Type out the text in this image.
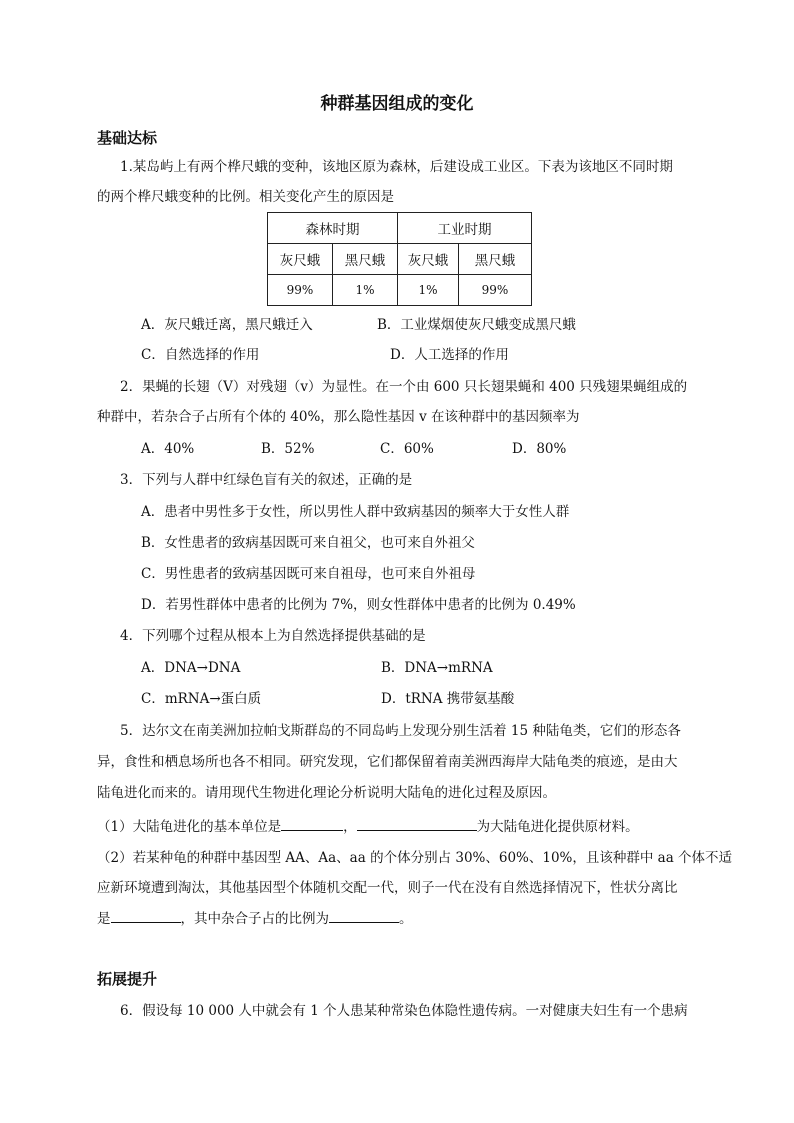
种群基因组成的变化
基础达标
1.某岛屿上有两个桦尺蛾的变种，该地区原为森林，后建设成工业区。下表为该地区不同时期
的两个桦尺蛾变种的比例。相关变化产生的原因是
森林时期		工业时期	
灰尺蛾	黑尺蛾	灰尺蛾	黑尺蛾
99%	1%	1%	99%
A．灰尺蛾迁离，黑尺蛾迁入	B．工业煤烟使灰尺蛾变成黑尺蛾
C．自然选择的作用	D．人工选择的作用
2．果蝇的长翅（V）对残翅（v）为显性。在一个由 600 只长翅果蝇和 400 只残翅果蝇组成的
种群中，若杂合子占所有个体的 40%，那么隐性基因 v 在该种群中的基因频率为
A．40%	B．52%	C．60%	D．80%
3．下列与人群中红绿色盲有关的叙述，正确的是
A．患者中男性多于女性，所以男性人群中致病基因的频率大于女性人群
B．女性患者的致病基因既可来自祖父，也可来自外祖父
C．男性患者的致病基因既可来自祖母，也可来自外祖母
D．若男性群体中患者的比例为 7%，则女性群体中患者的比例为 0.49%
4．下列哪个过程从根本上为自然选择提供基础的是
A．DNA→DNA	B．DNA→mRNA
C．mRNA→蛋白质	D．tRNA 携带氨基酸
5．达尔文在南美洲加拉帕戈斯群岛的不同岛屿上发现分别生活着 15 种陆龟类，它们的形态各
异，食性和栖息场所也各不相同。研究发现，它们都保留着南美洲西海岸大陆龟类的痕迹，是由大
陆龟进化而来的。请用现代生物进化理论分析说明大陆龟的进化过程及原因。
（1）大陆龟进化的基本单位是	，	为大陆龟进化提供原材料。
（2）若某种龟的种群中基因型 AA、Aa、aa 的个体分别占 30%、60%、10%，且该种群中 aa 个体不适
应新环境遭到淘汰，其他基因型个体随机交配一代，则子一代在没有自然选择情况下，性状分离比
是	，其中杂合子占的比例为	。
拓展提升
6．假设每 10 000 人中就会有 1 个人患某种常染色体隐性遗传病。一对健康夫妇生有一个患病
